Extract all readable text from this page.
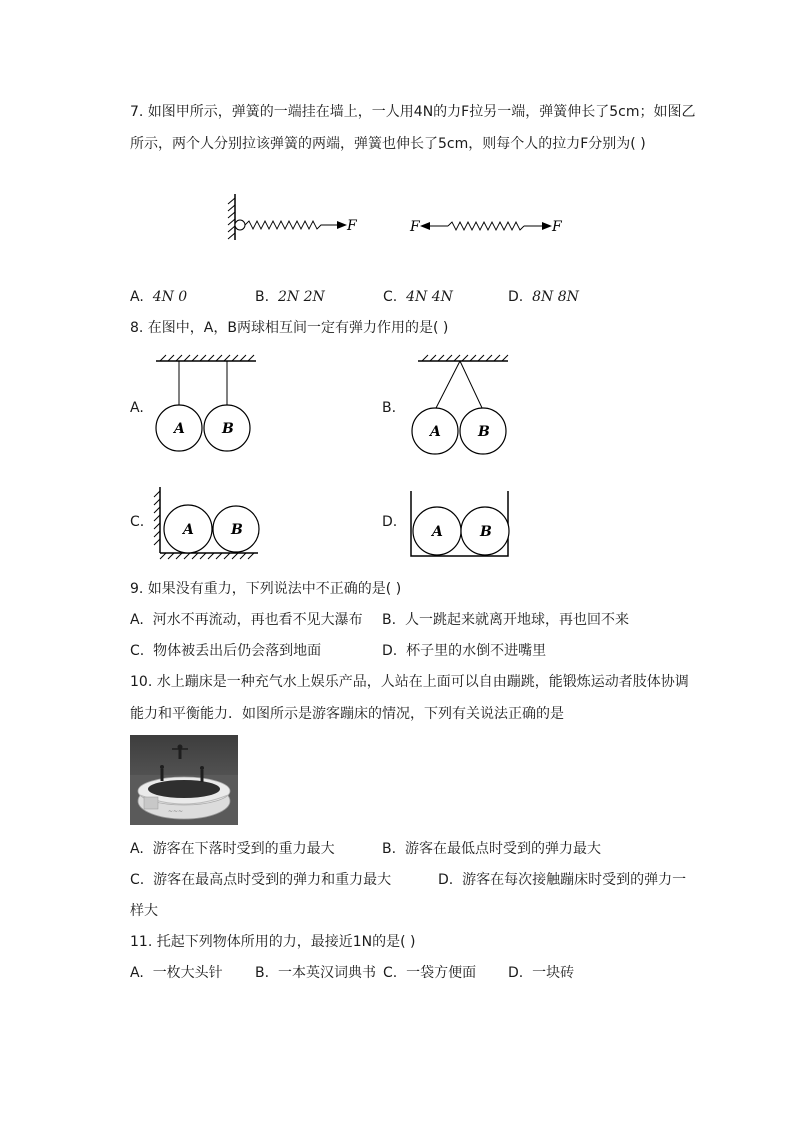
7. 如图甲所示，弹簧的一端挂在墙上，一人用4N的力F拉另一端，弹簧伸长了5cm；如图乙
所示，两个人分别拉该弹簧的两端，弹簧也伸长了5cm，则每个人的拉力F分别为( )
F	F	F
A. 4N 0	B. 2N 2N	C. 4N 4N	D. 8N 8N
8. 在图中，A，B两球相互间一定有弹力作用的是( )
A.
A	B
B.
A	B
C.	A	B	D.
A	B
9. 如果没有重力，下列说法中不正确的是( )
A. 河水不再流动，再也看不见大瀑布 B. 人一跳起来就离开地球，再也回不来
C. 物体被丢出后仍会落到地面	D. 杯子里的水倒不进嘴里
10. 水上蹦床是一种充气水上娱乐产品，人站在上面可以自由蹦跳，能锻炼运动者肢体协调
能力和平衡能力．如图所示是游客蹦床的情况，下列有关说法正确的是
~~~
A. 游客在下落时受到的重力最大	B. 游客在最低点时受到的弹力最大
C. 游客在最高点时受到的弹力和重力最大	D. 游客在每次接触蹦床时受到的弹力一
样大
11. 托起下列物体所用的力，最接近1N的是( )
A. 一枚大头针 B. 一本英汉词典书 C. 一袋方便面 D. 一块砖
